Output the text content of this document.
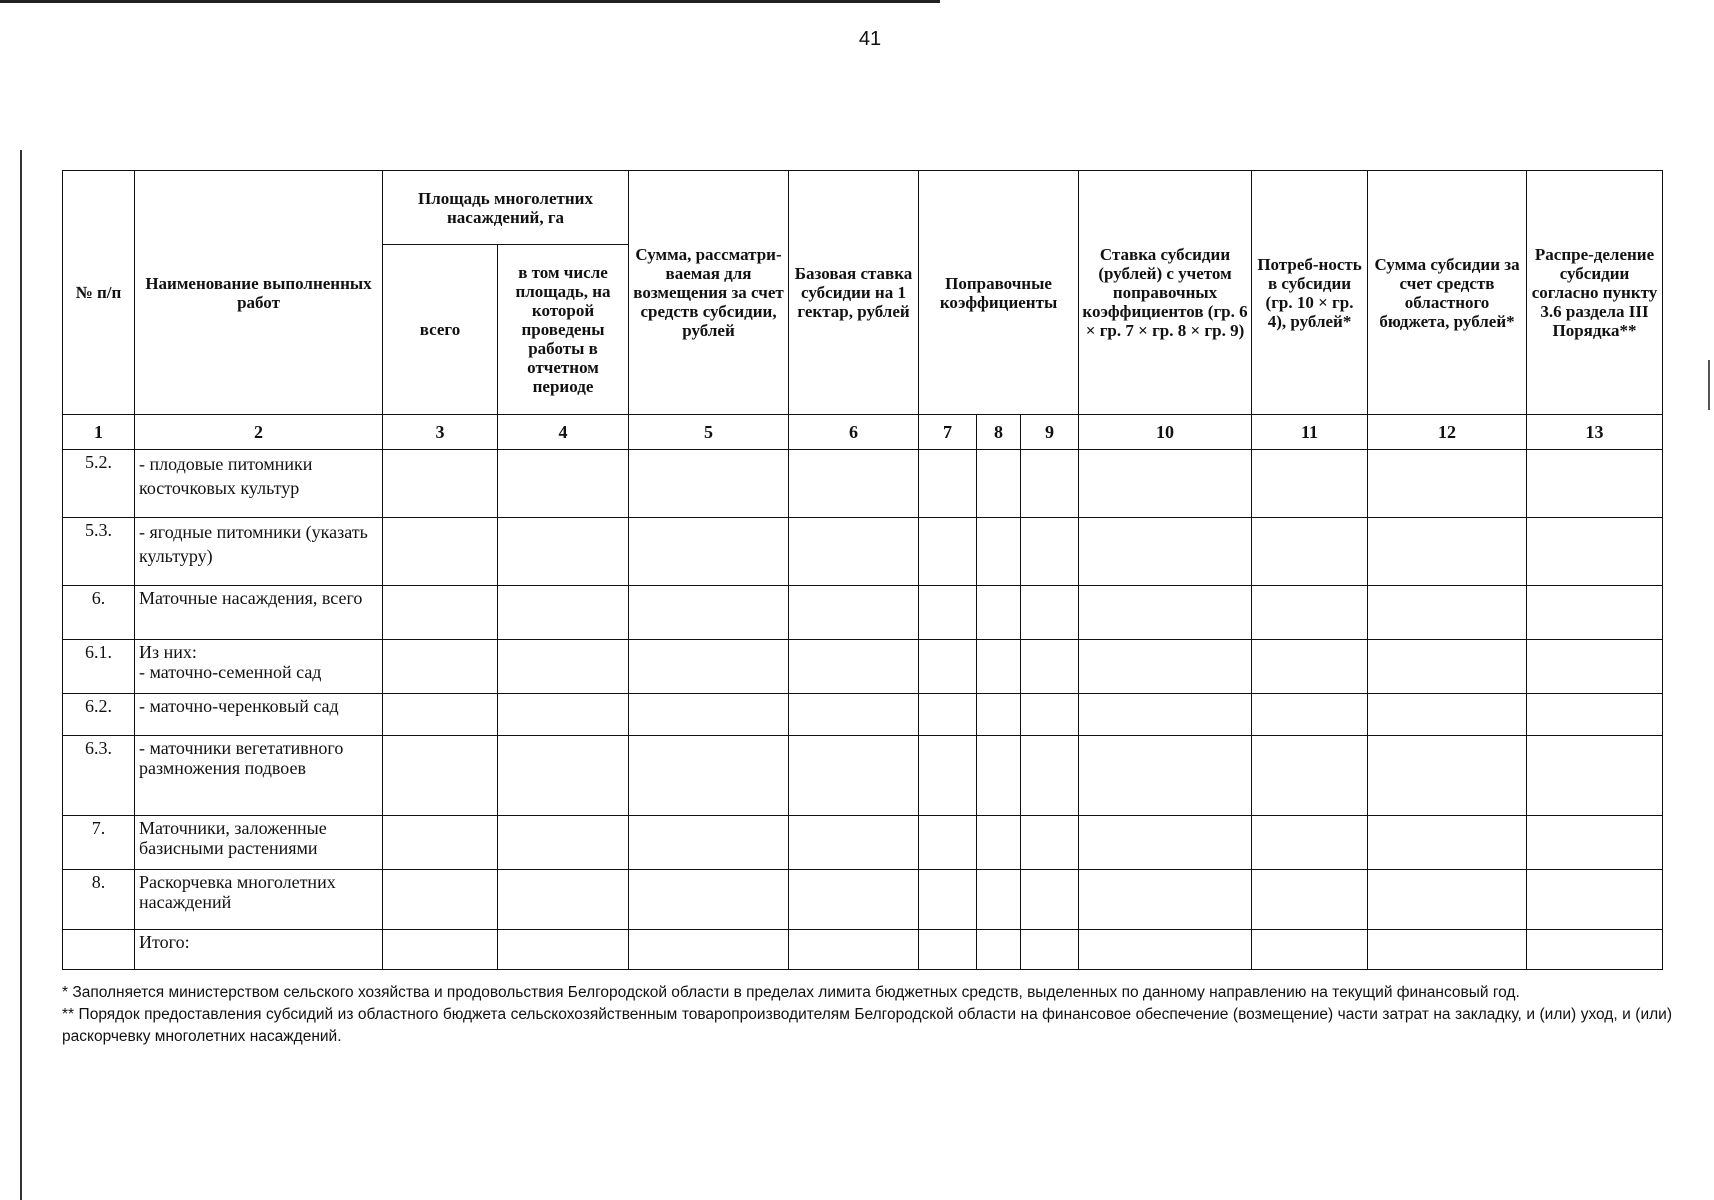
41
№ п/п	Наименование выполненных работ	Площадь многолетних насаждений, га		Сумма, рассматри-ваемая для возмещения за счет средств субсидии, рублей	Базовая ставка субсидии на 1 гектар, рублей	Поправочные коэффициенты			Ставка субсидии (рублей) с учетом поправочных коэффициентов (гр. 6 × гр. 7 × гр. 8 × гр. 9)	Потреб-ность в субсидии (гр. 10 × гр. 4), рублей*	Сумма субсидии за счет средств областного бюджета, рублей*	Распре-деление субсидии согласно пункту 3.6 раздела III Порядка**
		всего	в том числе площадь, на которой проведены работы в отчетном периоде									
1	2	3	4	5	6	7	8	9	10	11	12	13
5.2.	- плодовые питомники косточковых культур											
5.3.	- ягодные питомники (указать культуру)											
6.	Маточные насаждения, всего											
6.1.	Из них:
- маточно-семенной сад											
6.2.	- маточно-черенковый сад											
6.3.	- маточники вегетативного размножения подвоев											
7.	Маточники, заложенные базисными растениями											
8.	Раскорчевка многолетних насаждений											
	Итого:											

* Заполняется министерством сельского хозяйства и продовольствия Белгородской области в пределах лимита бюджетных средств, выделенных по данному направлению на текущий финансовый год.

** Порядок предоставления субсидий из областного бюджета сельскохозяйственным товаропроизводителям Белгородской области на финансовое обеспечение (возмещение) части затрат на закладку, и (или) уход, и (или) раскорчевку многолетних насаждений.
